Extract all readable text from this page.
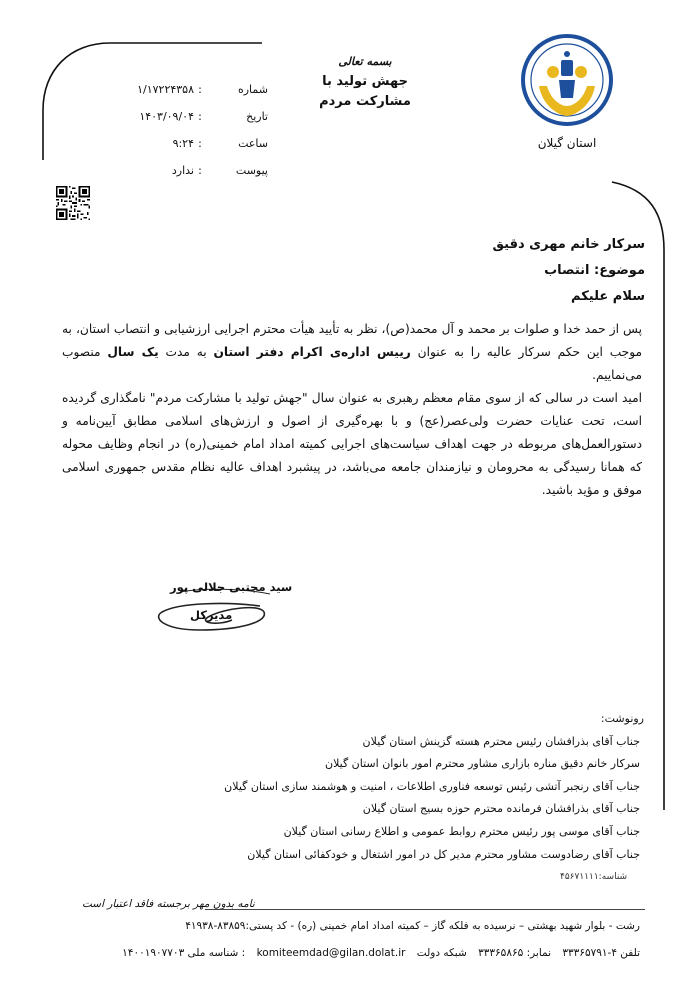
استان گیلان
بسمه تعالی
جهش تولید با
مشارکت مردم
شماره
:
۱/۱۷۲۲۴۳۵۸
تاریخ
:
۱۴۰۳/۰۹/۰۴
ساعت
:
۹:۲۴
پیوست
:
ندارد
سرکار خانم مهری دقیق
موضوع: انتصاب
سلام علیکم

پس از حمد خدا و صلوات بر محمد و آل محمد(ص)، نظر به تأیید هیأت محترم اجرایی ارزشیابی و انتصاب استان، به موجب این حکم سرکار عالیه را به عنوان رییس اداره‌ی اکرام دفتر استان به مدت یک سال منصوب می‌نماییم.

امید است در سالی که از سوی مقام معظم رهبری به عنوان سال "جهش تولید با مشارکت مردم" نامگذاری گردیده است، تحت عنایات حضرت ولی‌عصر(عج) و با بهره‌گیری از اصول و ارزش‌های اسلامی مطابق آیین‌نامه و دستورالعمل‌های مربوطه در جهت اهداف سیاست‌های اجرایی کمیته امداد امام خمینی(ره) در انجام وظایف محوله که همانا رسیدگی به محرومان و نیازمندان جامعه می‌باشد، در پیشبرد اهداف عالیه نظام مقدس جمهوری اسلامی موفق و مؤید باشید.

سید مجتبی جلالی پور
مدیرکل
رونوشت:
جناب آقای بذرافشان رئیس محترم هسته گزینش استان گیلان
سرکار خانم دقیق مناره بازاری مشاور محترم امور بانوان استان گیلان
جناب آقای رنجبر آتشی رئیس توسعه فناوری اطلاعات ، امنیت و هوشمند سازی استان گیلان
جناب آقای بذرافشان فرمانده محترم حوزه بسیج استان گیلان
جناب آقای موسی پور رئیس محترم روابط عمومی و اطلاع رسانی استان گیلان
جناب آقای رضادوست مشاور محترم مدیر کل در امور اشتغال و خودکفائی استان گیلان
شناسه:۴۵۶۷۱۱۱۱
نامه بدون مهر برجسته فاقد اعتبار است
رشت - بلوار شهید بهشتی – نرسیده به فلکه گاز – کمیته امداد امام خمینی (ره) - کد پستی:۸۳۸۵۹-۴۱۹۳۸
تلفن ۴-۳۳۳۶۵۷۹۱ نمابر: ۳۳۳۶۵۸۶۵ شبکه دولت komiteemdad@gilan.dolat.ir : شناسه ملی ۱۴۰۰۱۹۰۷۷۰۳
